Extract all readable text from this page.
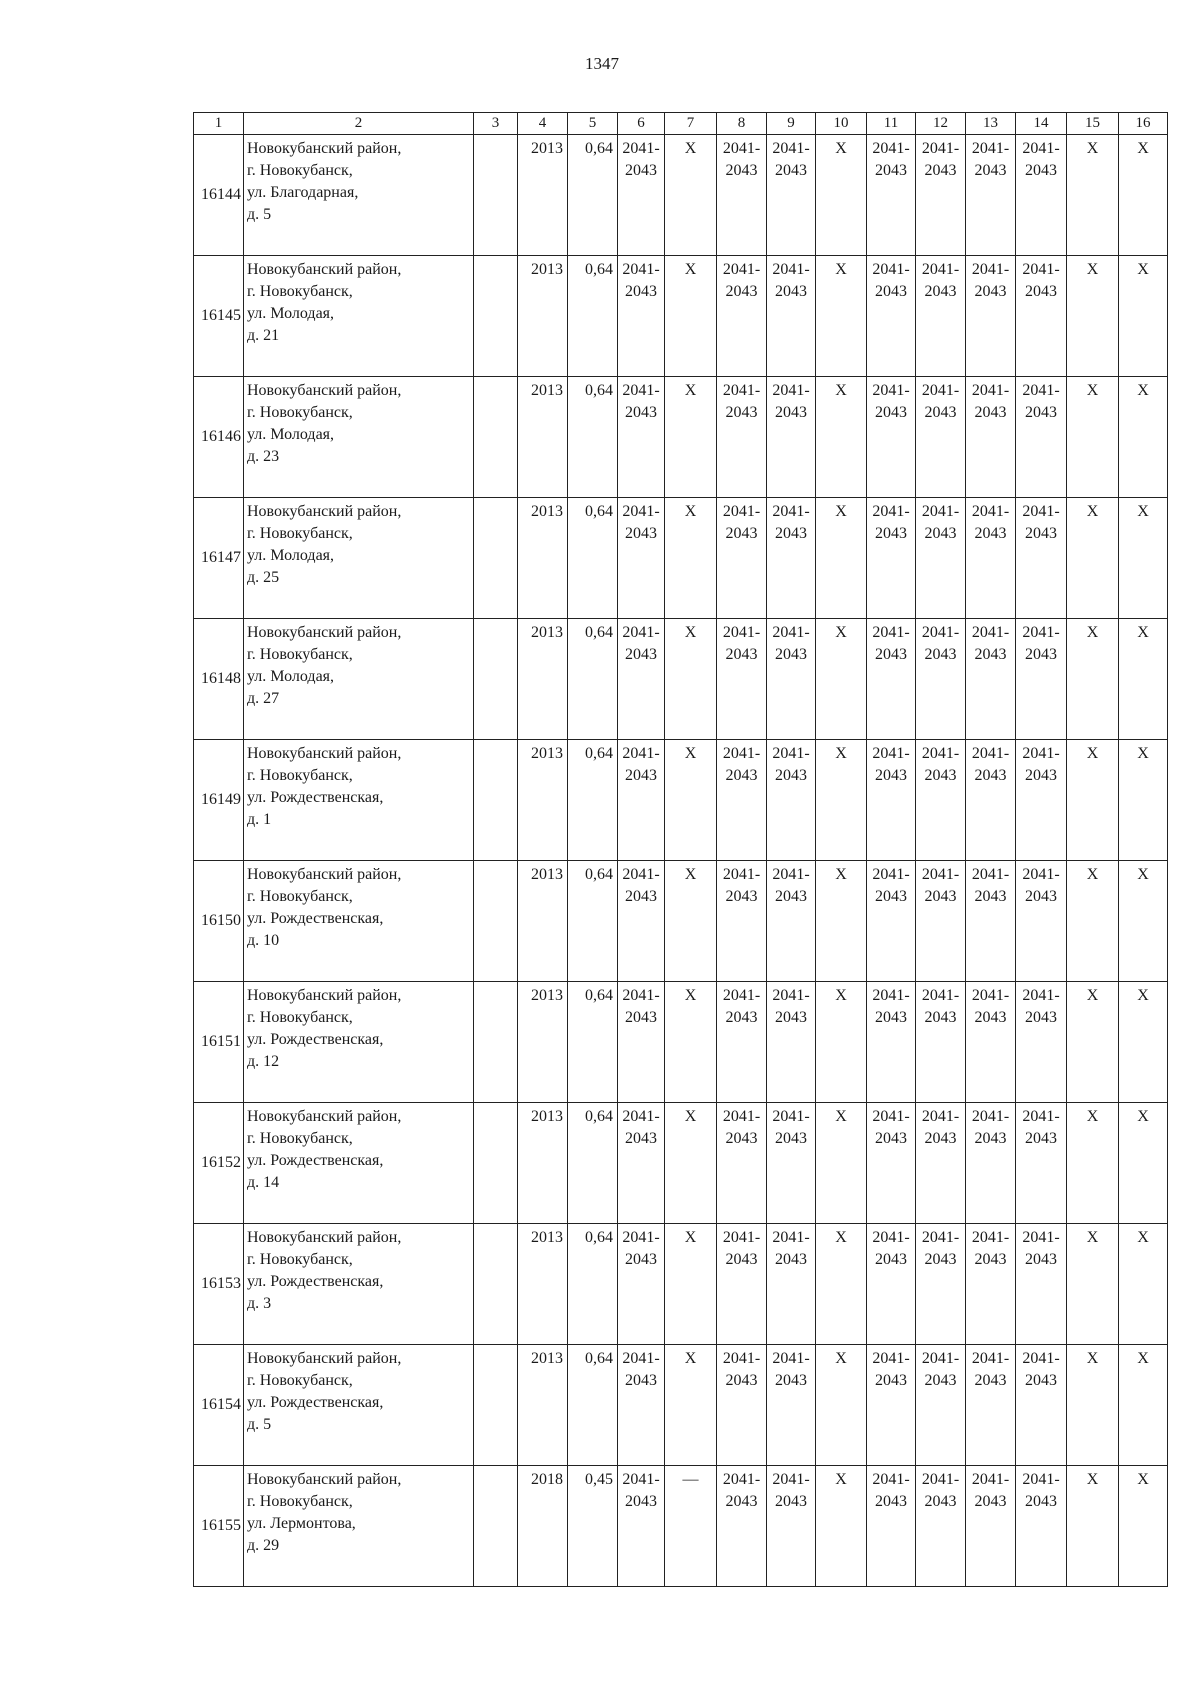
1347
1	2	3	4	5	6	7	8	9	10	11	12	13	14	15	16
16144	Новокубанский район,
г. Новокубанск,
ул. Благодарная,
д. 5		2013	0,64	2041-
2043	X	2041-
2043	2041-
2043	X	2041-
2043	2041-
2043	2041-
2043	2041-
2043	X	X
16145	Новокубанский район,
г. Новокубанск,
ул. Молодая,
д. 21		2013	0,64	2041-
2043	X	2041-
2043	2041-
2043	X	2041-
2043	2041-
2043	2041-
2043	2041-
2043	X	X
16146	Новокубанский район,
г. Новокубанск,
ул. Молодая,
д. 23		2013	0,64	2041-
2043	X	2041-
2043	2041-
2043	X	2041-
2043	2041-
2043	2041-
2043	2041-
2043	X	X
16147	Новокубанский район,
г. Новокубанск,
ул. Молодая,
д. 25		2013	0,64	2041-
2043	X	2041-
2043	2041-
2043	X	2041-
2043	2041-
2043	2041-
2043	2041-
2043	X	X
16148	Новокубанский район,
г. Новокубанск,
ул. Молодая,
д. 27		2013	0,64	2041-
2043	X	2041-
2043	2041-
2043	X	2041-
2043	2041-
2043	2041-
2043	2041-
2043	X	X
16149	Новокубанский район,
г. Новокубанск,
ул. Рождественская,
д. 1		2013	0,64	2041-
2043	X	2041-
2043	2041-
2043	X	2041-
2043	2041-
2043	2041-
2043	2041-
2043	X	X
16150	Новокубанский район,
г. Новокубанск,
ул. Рождественская,
д. 10		2013	0,64	2041-
2043	X	2041-
2043	2041-
2043	X	2041-
2043	2041-
2043	2041-
2043	2041-
2043	X	X
16151	Новокубанский район,
г. Новокубанск,
ул. Рождественская,
д. 12		2013	0,64	2041-
2043	X	2041-
2043	2041-
2043	X	2041-
2043	2041-
2043	2041-
2043	2041-
2043	X	X
16152	Новокубанский район,
г. Новокубанск,
ул. Рождественская,
д. 14		2013	0,64	2041-
2043	X	2041-
2043	2041-
2043	X	2041-
2043	2041-
2043	2041-
2043	2041-
2043	X	X
16153	Новокубанский район,
г. Новокубанск,
ул. Рождественская,
д. 3		2013	0,64	2041-
2043	X	2041-
2043	2041-
2043	X	2041-
2043	2041-
2043	2041-
2043	2041-
2043	X	X
16154	Новокубанский район,
г. Новокубанск,
ул. Рождественская,
д. 5		2013	0,64	2041-
2043	X	2041-
2043	2041-
2043	X	2041-
2043	2041-
2043	2041-
2043	2041-
2043	X	X
16155	Новокубанский район,
г. Новокубанск,
ул. Лермонтова,
д. 29		2018	0,45	2041-
2043	—	2041-
2043	2041-
2043	X	2041-
2043	2041-
2043	2041-
2043	2041-
2043	X	X
